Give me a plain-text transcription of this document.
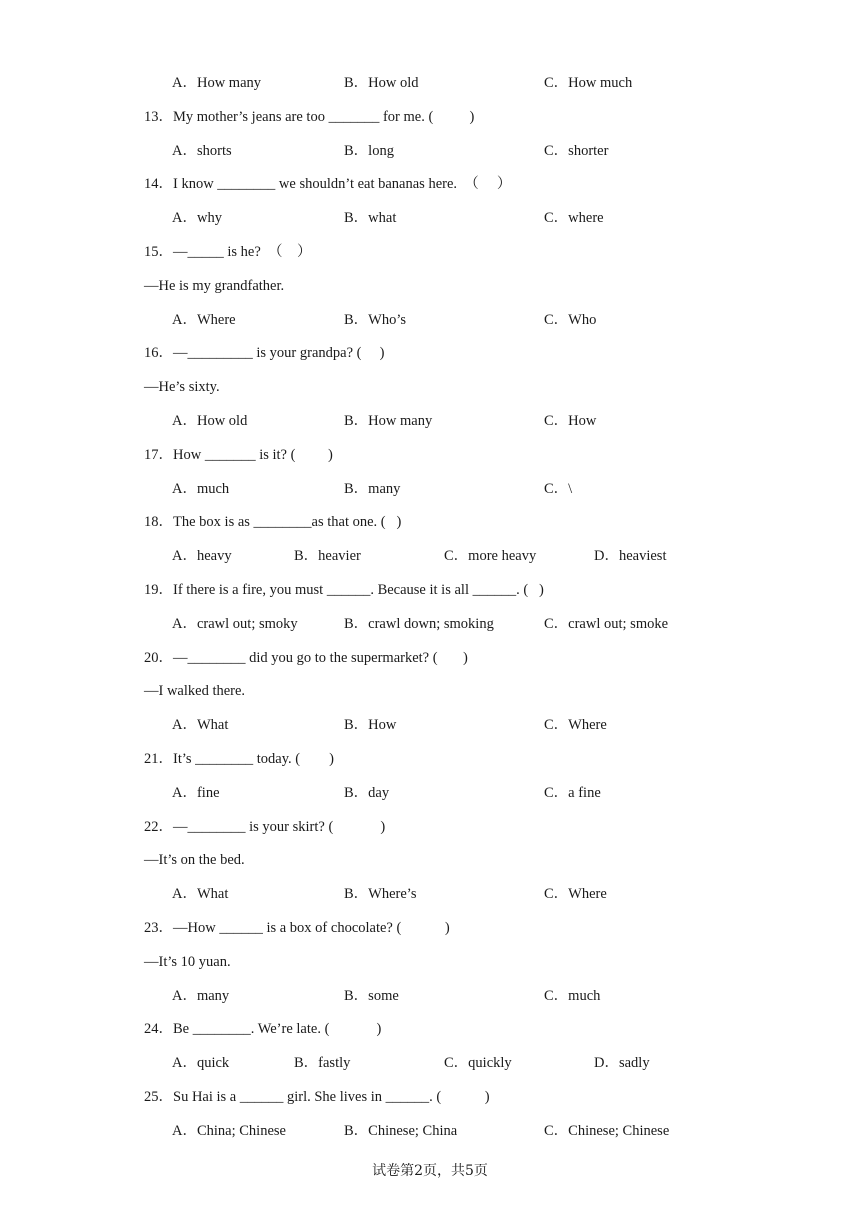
A．How many	B．How old	C．How much
13．My mother’s jeans are too _______ for me. (          )
A．shorts	B．long	C．shorter
14．I know ________ we shouldn’t eat bananas here.  （     ）
A．why	B．what	C．where
15．—_____ is he?  （    ）
—He is my grandfather.
A．Where	B．Who’s	C．Who
16．—_________ is your grandpa? (     )
—He’s sixty.
A．How old	B．How many	C．How
17．How _______ is it? (         )
A．much	B．many	C．\
18．The box is as ________as that one. (   )
A．heavy	B．heavier	C．more heavy	D．heaviest
19．If there is a fire, you must ______. Because it is all ______. (   )
A．crawl out; smoky	B．crawl down; smoking	C．crawl out; smoke
20．—________ did you go to the supermarket? (       )
—I walked there.
A．What	B．How	C．Where
21．It’s ________ today. (        )
A．fine	B．day	C．a fine
22．—________ is your skirt? (             )
—It’s on the bed.
A．What	B．Where’s	C．Where
23．—How ______ is a box of chocolate? (            )
—It’s 10 yuan.
A．many	B．some	C．much
24．Be ________. We’re late. (             )
A．quick	B．fastly	C．quickly	D．sadly
25．Su Hai is a ______ girl. She lives in ______. (            )
A．China; Chinese	B．Chinese; China	C．Chinese; Chinese
试卷第2页，共5页
